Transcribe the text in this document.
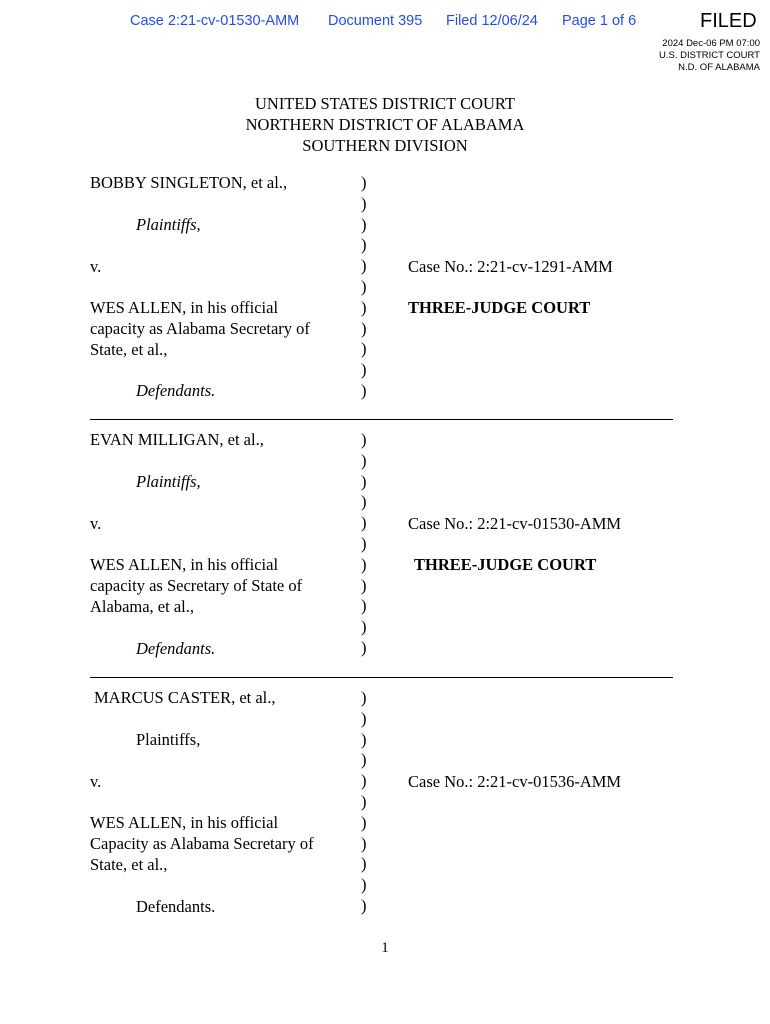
Case 2:21-cv-01530-AMM Document 395 Filed 12/06/24 Page 1 of 6	FILED
2024 Dec-06 PM 07:00
U.S. DISTRICT COURT
N.D. OF ALABAMA
UNITED STATES DISTRICT COURT
NORTHERN DISTRICT OF ALABAMA
SOUTHERN DIVISION
BOBBY SINGLETON, et al.,
Plaintiffs,
v.
WES ALLEN, in his official
capacity as Alabama Secretary of
State, et al.,
Defendants.
Case No.: 2:21-cv-1291-AMM
THREE-JUDGE COURT
)
)
)
)
)
)
)
)
)
)
)
EVAN MILLIGAN, et al.,
Plaintiffs,
v.
WES ALLEN, in his official
capacity as Secretary of State of
Alabama, et al.,
Defendants.
Case No.: 2:21-cv-01530-AMM
THREE-JUDGE COURT
)
)
)
)
)
)
)
)
)
)
)
MARCUS CASTER, et al.,
Plaintiffs,
v.
WES ALLEN, in his official
Capacity as Alabama Secretary of
State, et al.,
Defendants.
Case No.: 2:21-cv-01536-AMM
)
)
)
)
)
)
)
)
)
)
)
1
